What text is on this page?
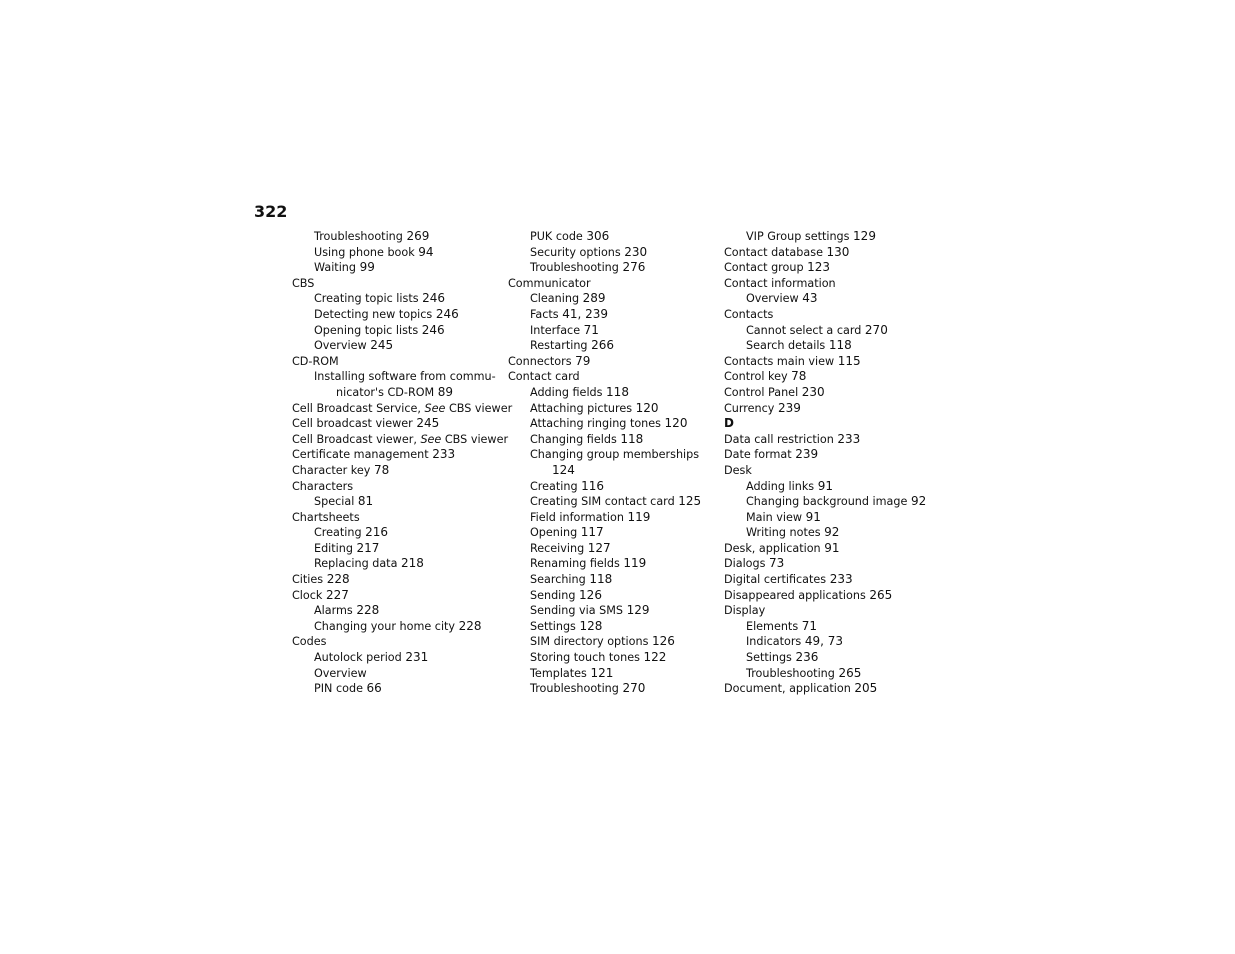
322
Troubleshooting 269
Using phone book 94
Waiting 99
CBS
Creating topic lists 246
Detecting new topics 246
Opening topic lists 246
Overview 245
CD-ROM
Installing software from commu-
nicator's CD-ROM 89
Cell Broadcast Service, See CBS viewer
Cell broadcast viewer 245
Cell Broadcast viewer, See CBS viewer
Certificate management 233
Character key 78
Characters
Special 81
Chartsheets
Creating 216
Editing 217
Replacing data 218
Cities 228
Clock 227
Alarms 228
Changing your home city 228
Codes
Autolock period 231
Overview
PIN code 66
PUK code 306
Security options 230
Troubleshooting 276
Communicator
Cleaning 289
Facts 41, 239
Interface 71
Restarting 266
Connectors 79
Contact card
Adding fields 118
Attaching pictures 120
Attaching ringing tones 120
Changing fields 118
Changing group memberships
124
Creating 116
Creating SIM contact card 125
Field information 119
Opening 117
Receiving 127
Renaming fields 119
Searching 118
Sending 126
Sending via SMS 129
Settings 128
SIM directory options 126
Storing touch tones 122
Templates 121
Troubleshooting 270
VIP Group settings 129
Contact database 130
Contact group 123
Contact information
Overview 43
Contacts
Cannot select a card 270
Search details 118
Contacts main view 115
Control key 78
Control Panel 230
Currency 239
D
Data call restriction 233
Date format 239
Desk
Adding links 91
Changing background image 92
Main view 91
Writing notes 92
Desk, application 91
Dialogs 73
Digital certificates 233
Disappeared applications 265
Display
Elements 71
Indicators 49, 73
Settings 236
Troubleshooting 265
Document, application 205
